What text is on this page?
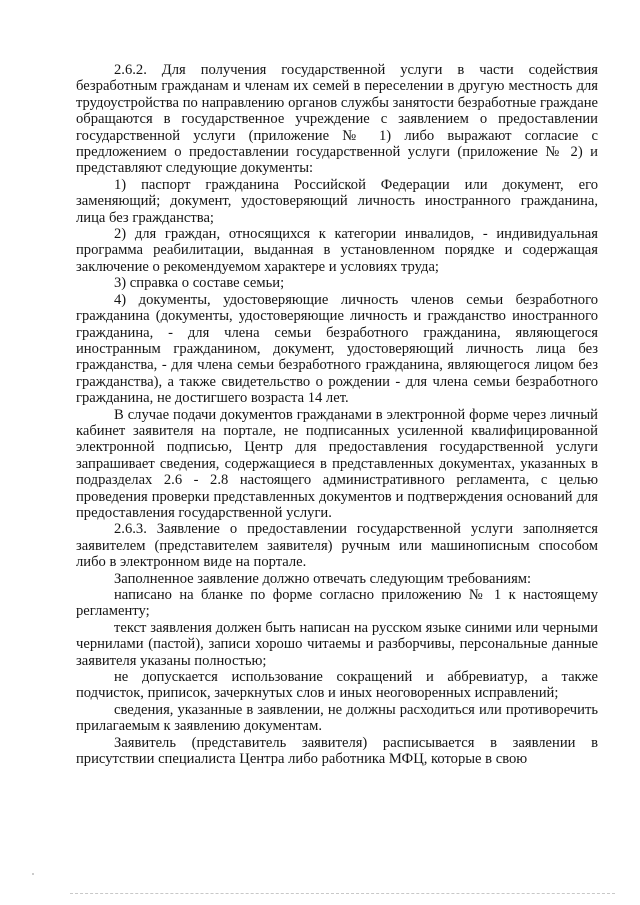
2.6.2. Для получения государственной услуги в части содействия безработным гражданам и членам их семей в переселении в другую местность для трудоустройства по направлению органов службы занятости безработные граждане обращаются в государственное учреждение с заявлением о предоставлении государственной услуги (приложение № 1) либо выражают согласие с предложением о предоставлении государственной услуги (приложение № 2) и представляют следующие документы:

1) паспорт гражданина Российской Федерации или документ, его заменяющий; документ, удостоверяющий личность иностранного гражданина, лица без гражданства;

2) для граждан, относящихся к категории инвалидов, - индивидуальная программа реабилитации, выданная в установленном порядке и содержащая заключение о рекомендуемом характере и условиях труда;

3) справка о составе семьи;

4) документы, удостоверяющие личность членов семьи безработного гражданина (документы, удостоверяющие личность и гражданство иностранного гражданина, - для члена семьи безработного гражданина, являющегося иностранным гражданином, документ, удостоверяющий личность лица без гражданства, - для члена семьи безработного гражданина, являющегося лицом без гражданства), а также свидетельство о рождении - для члена семьи безработного гражданина, не достигшего возраста 14 лет.

В случае подачи документов гражданами в электронной форме через личный кабинет заявителя на портале, не подписанных усиленной квалифицированной электронной подписью, Центр для предоставления государственной услуги запрашивает сведения, содержащиеся в представленных документах, указанных в подразделах 2.6 - 2.8 настоящего административного регламента, с целью проведения проверки представленных документов и подтверждения оснований для предоставления государственной услуги.

2.6.3. Заявление о предоставлении государственной услуги заполняется заявителем (представителем заявителя) ручным или машинописным способом либо в электронном виде на портале.

Заполненное заявление должно отвечать следующим требованиям:

написано на бланке по форме согласно приложению № 1 к настоящему регламенту;

текст заявления должен быть написан на русском языке синими или черными чернилами (пастой), записи хорошо читаемы и разборчивы, персональные данные заявителя указаны полностью;

не допускается использование сокращений и аббревиатур, а также подчисток, приписок, зачеркнутых слов и иных неоговоренных исправлений;

сведения, указанные в заявлении, не должны расходиться или противоречить прилагаемым к заявлению документам.

Заявитель (представитель заявителя) расписывается в заявлении в присутствии специалиста Центра либо работника МФЦ, которые в свою
